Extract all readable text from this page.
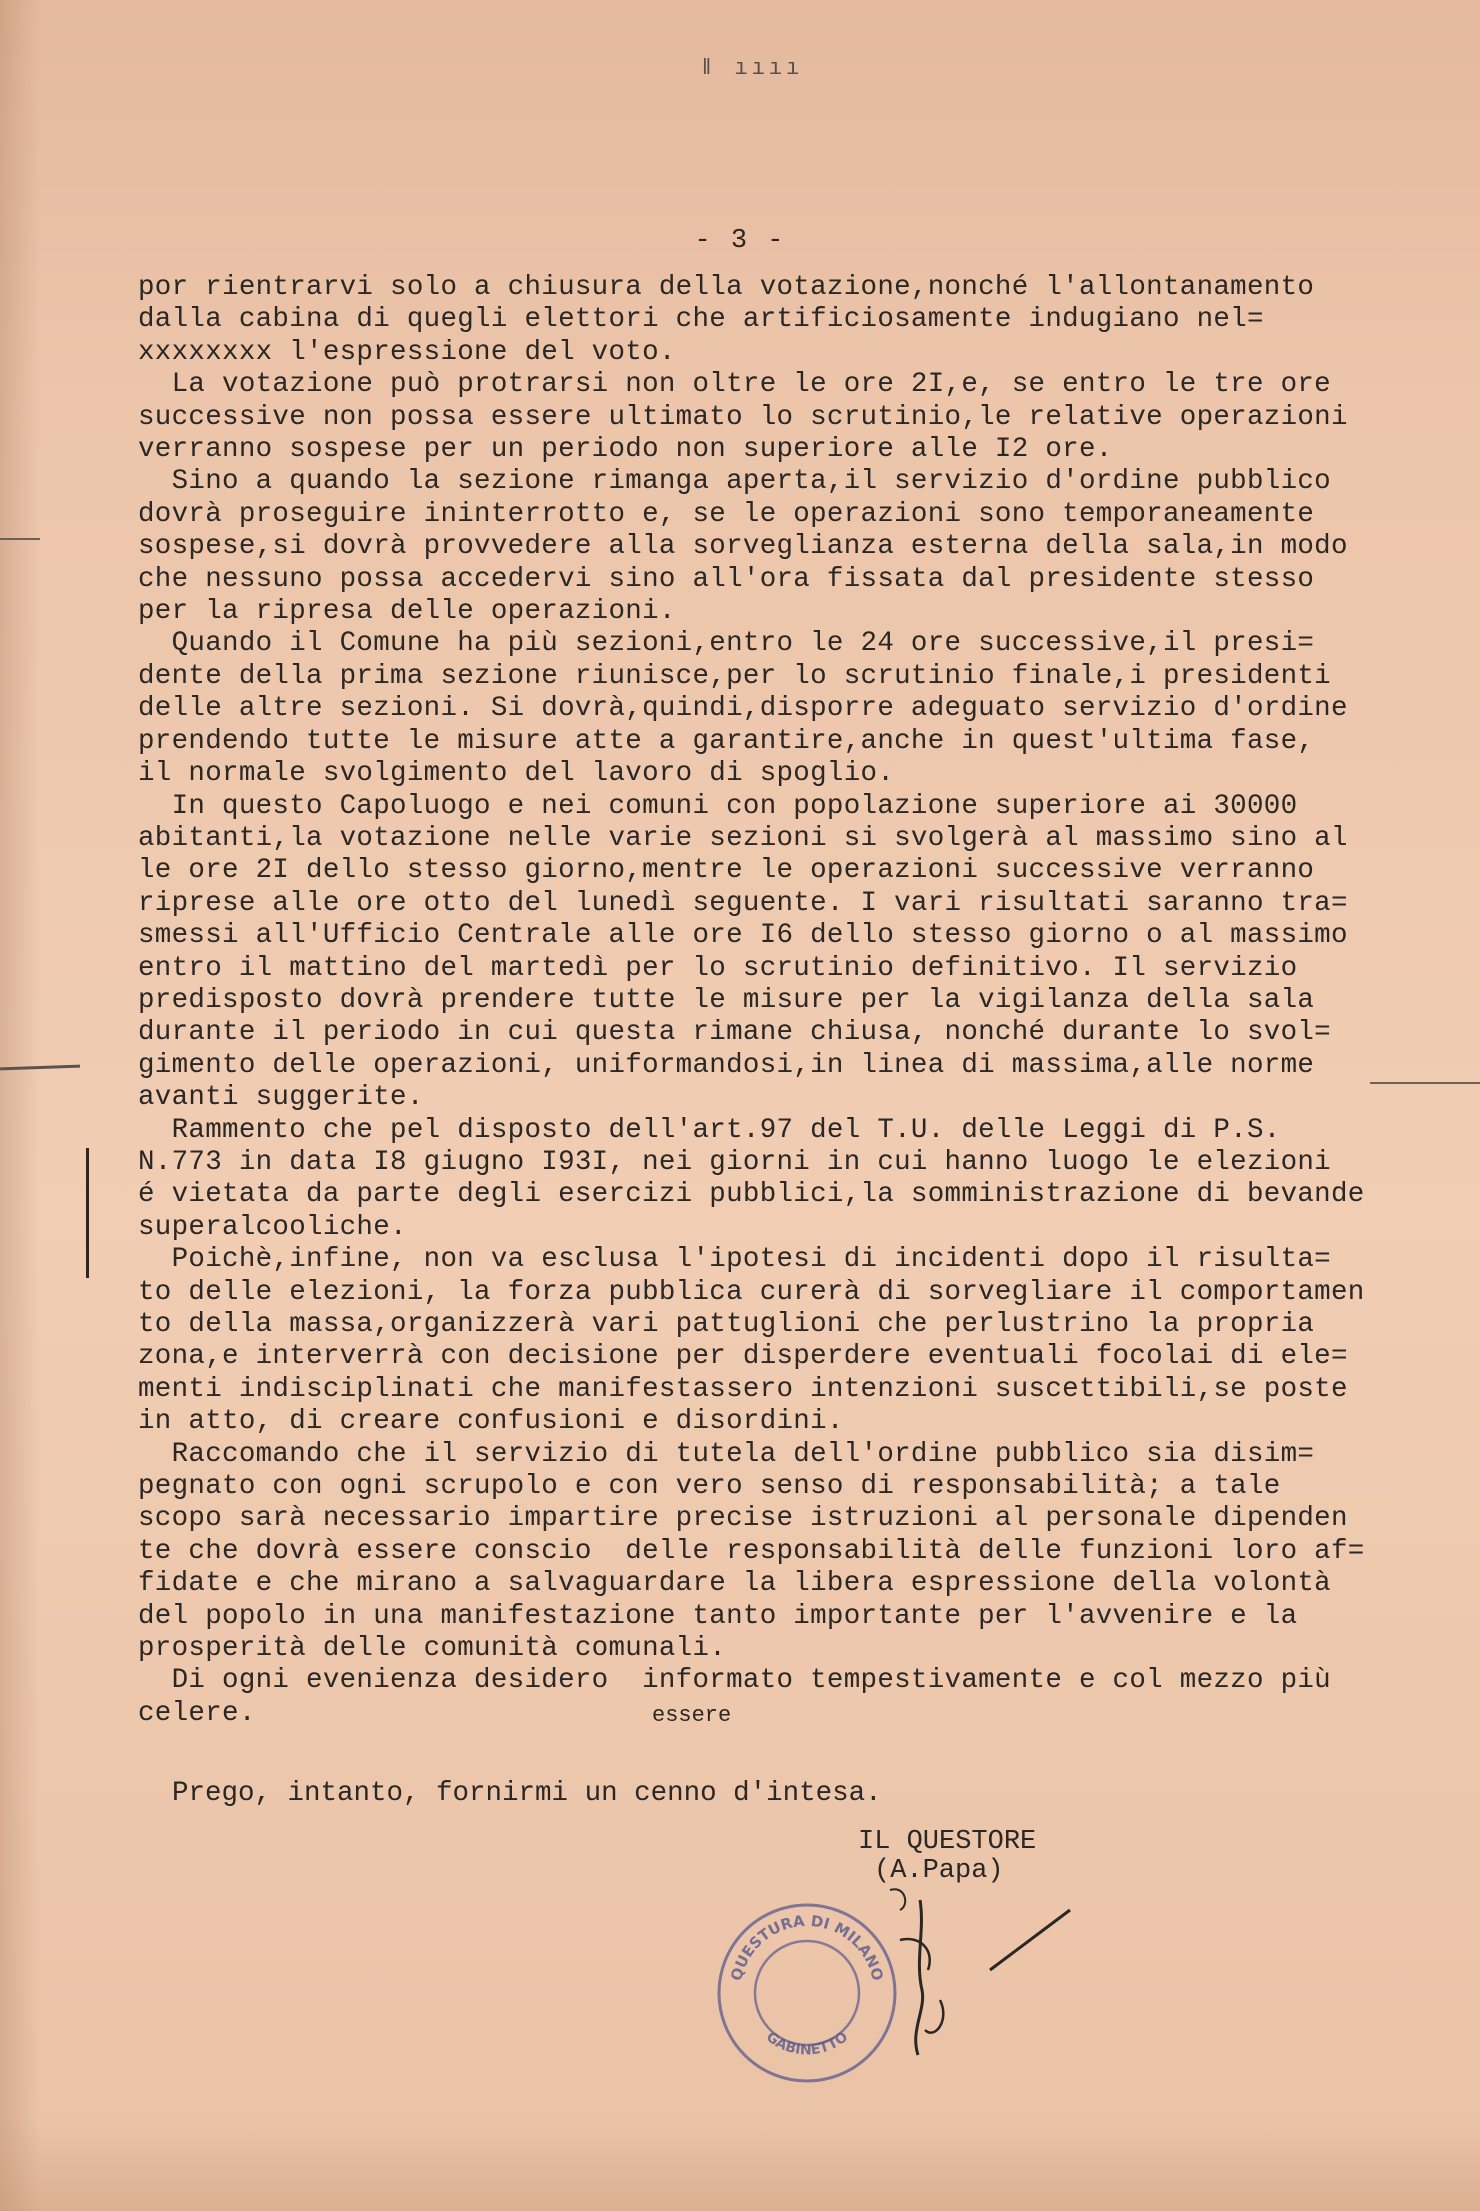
ǁ ıııı
- 3 -
por rientrarvi solo a chiusura della votazione,nonché l'allontanamento
dalla cabina di quegli elettori che artificiosamente indugiano nel=
xxxxxxxx l'espressione del voto.
La votazione può protrarsi non oltre le ore 2I,e, se entro le tre ore
successive non possa essere ultimato lo scrutinio,le relative operazioni
verranno sospese per un periodo non superiore alle I2 ore.
Sino a quando la sezione rimanga aperta,il servizio d'ordine pubblico
dovrà proseguire ininterrotto e, se le operazioni sono temporaneamente
sospese,si dovrà provvedere alla sorveglianza esterna della sala,in modo
che nessuno possa accedervi sino all'ora fissata dal presidente stesso
per la ripresa delle operazioni.
Quando il Comune ha più sezioni,entro le 24 ore successive,il presi=
dente della prima sezione riunisce,per lo scrutinio finale,i presidenti
delle altre sezioni. Si dovrà,quindi,disporre adeguato servizio d'ordine
prendendo tutte le misure atte a garantire,anche in quest'ultima fase,
il normale svolgimento del lavoro di spoglio.
In questo Capoluogo e nei comuni con popolazione superiore ai 30000
abitanti,la votazione nelle varie sezioni si svolgerà al massimo sino al
le ore 2I dello stesso giorno,mentre le operazioni successive verranno
riprese alle ore otto del lunedì seguente. I vari risultati saranno tra=
smessi all'Ufficio Centrale alle ore I6 dello stesso giorno o al massimo
entro il mattino del martedì per lo scrutinio definitivo. Il servizio
predisposto dovrà prendere tutte le misure per la vigilanza della sala
durante il periodo in cui questa rimane chiusa, nonché durante lo svol=
gimento delle operazioni, uniformandosi,in linea di massima,alle norme
avanti suggerite.
Rammento che pel disposto dell'art.97 del T.U. delle Leggi di P.S.
N.773 in data I8 giugno I93I, nei giorni in cui hanno luogo le elezioni
é vietata da parte degli esercizi pubblici,la somministrazione di bevande
superalcooliche.
Poichè,infine, non va esclusa l'ipotesi di incidenti dopo il risulta=
to delle elezioni, la forza pubblica curerà di sorvegliare il comportamen
to della massa,organizzerà vari pattuglioni che perlustrino la propria
zona,e interverrà con decisione per disperdere eventuali focolai di ele=
menti indisciplinati che manifestassero intenzioni suscettibili,se poste
in atto, di creare confusioni e disordini.
Raccomando che il servizio di tutela dell'ordine pubblico sia disim=
pegnato con ogni scrupolo e con vero senso di responsabilità; a tale
scopo sarà necessario impartire precise istruzioni al personale dipenden
te che dovrà essere conscio  delle responsabilità delle funzioni loro af=
fidate e che mirano a salvaguardare la libera espressione della volontà
del popolo in una manifestazione tanto importante per l'avvenire e la
prosperità delle comunità comunali.
Di ogni evenienza desidero  informato tempestivamente e col mezzo più
celere.	essere
Prego, intanto, fornirmi un cenno d'intesa.
IL QUESTORE
(A.Papa)
QUESTURA DI MILANO
GABINETTO
